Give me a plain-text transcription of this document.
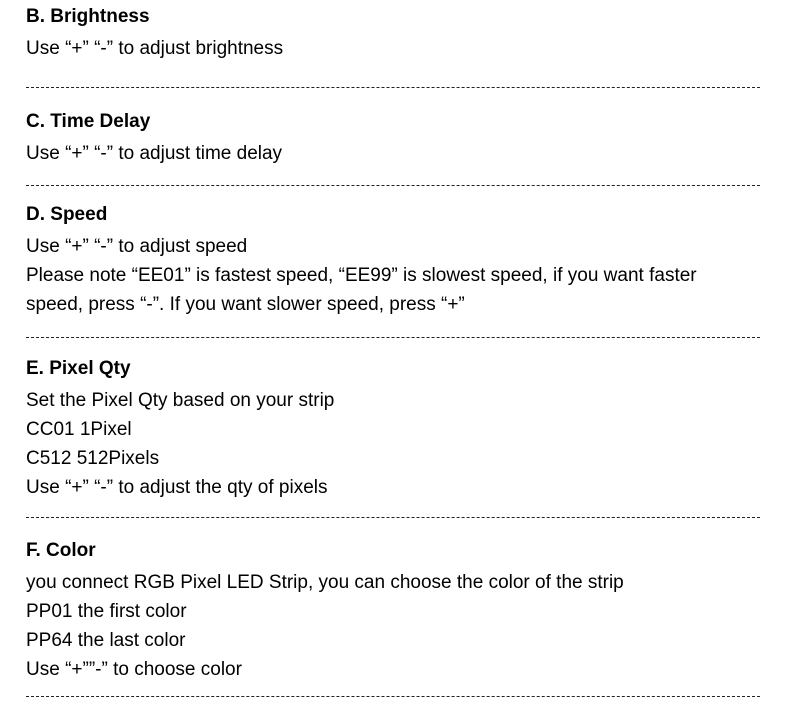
B. Brightness
Use “+” “-” to adjust brightness
C. Time Delay
Use “+” “-” to adjust time delay
D. Speed
Use “+” “-” to adjust speed
Please note “EE01” is fastest speed, “EE99” is slowest speed, if you want faster
speed, press “-”. If you want slower speed, press “+”
E. Pixel Qty
Set the Pixel Qty based on your strip
CC01 1Pixel
C512 512Pixels
Use “+” “-” to adjust the qty of pixels
F. Color
you connect RGB Pixel LED Strip, you can choose the color of the strip
PP01 the first color
PP64 the last color
Use “+””-” to choose color
